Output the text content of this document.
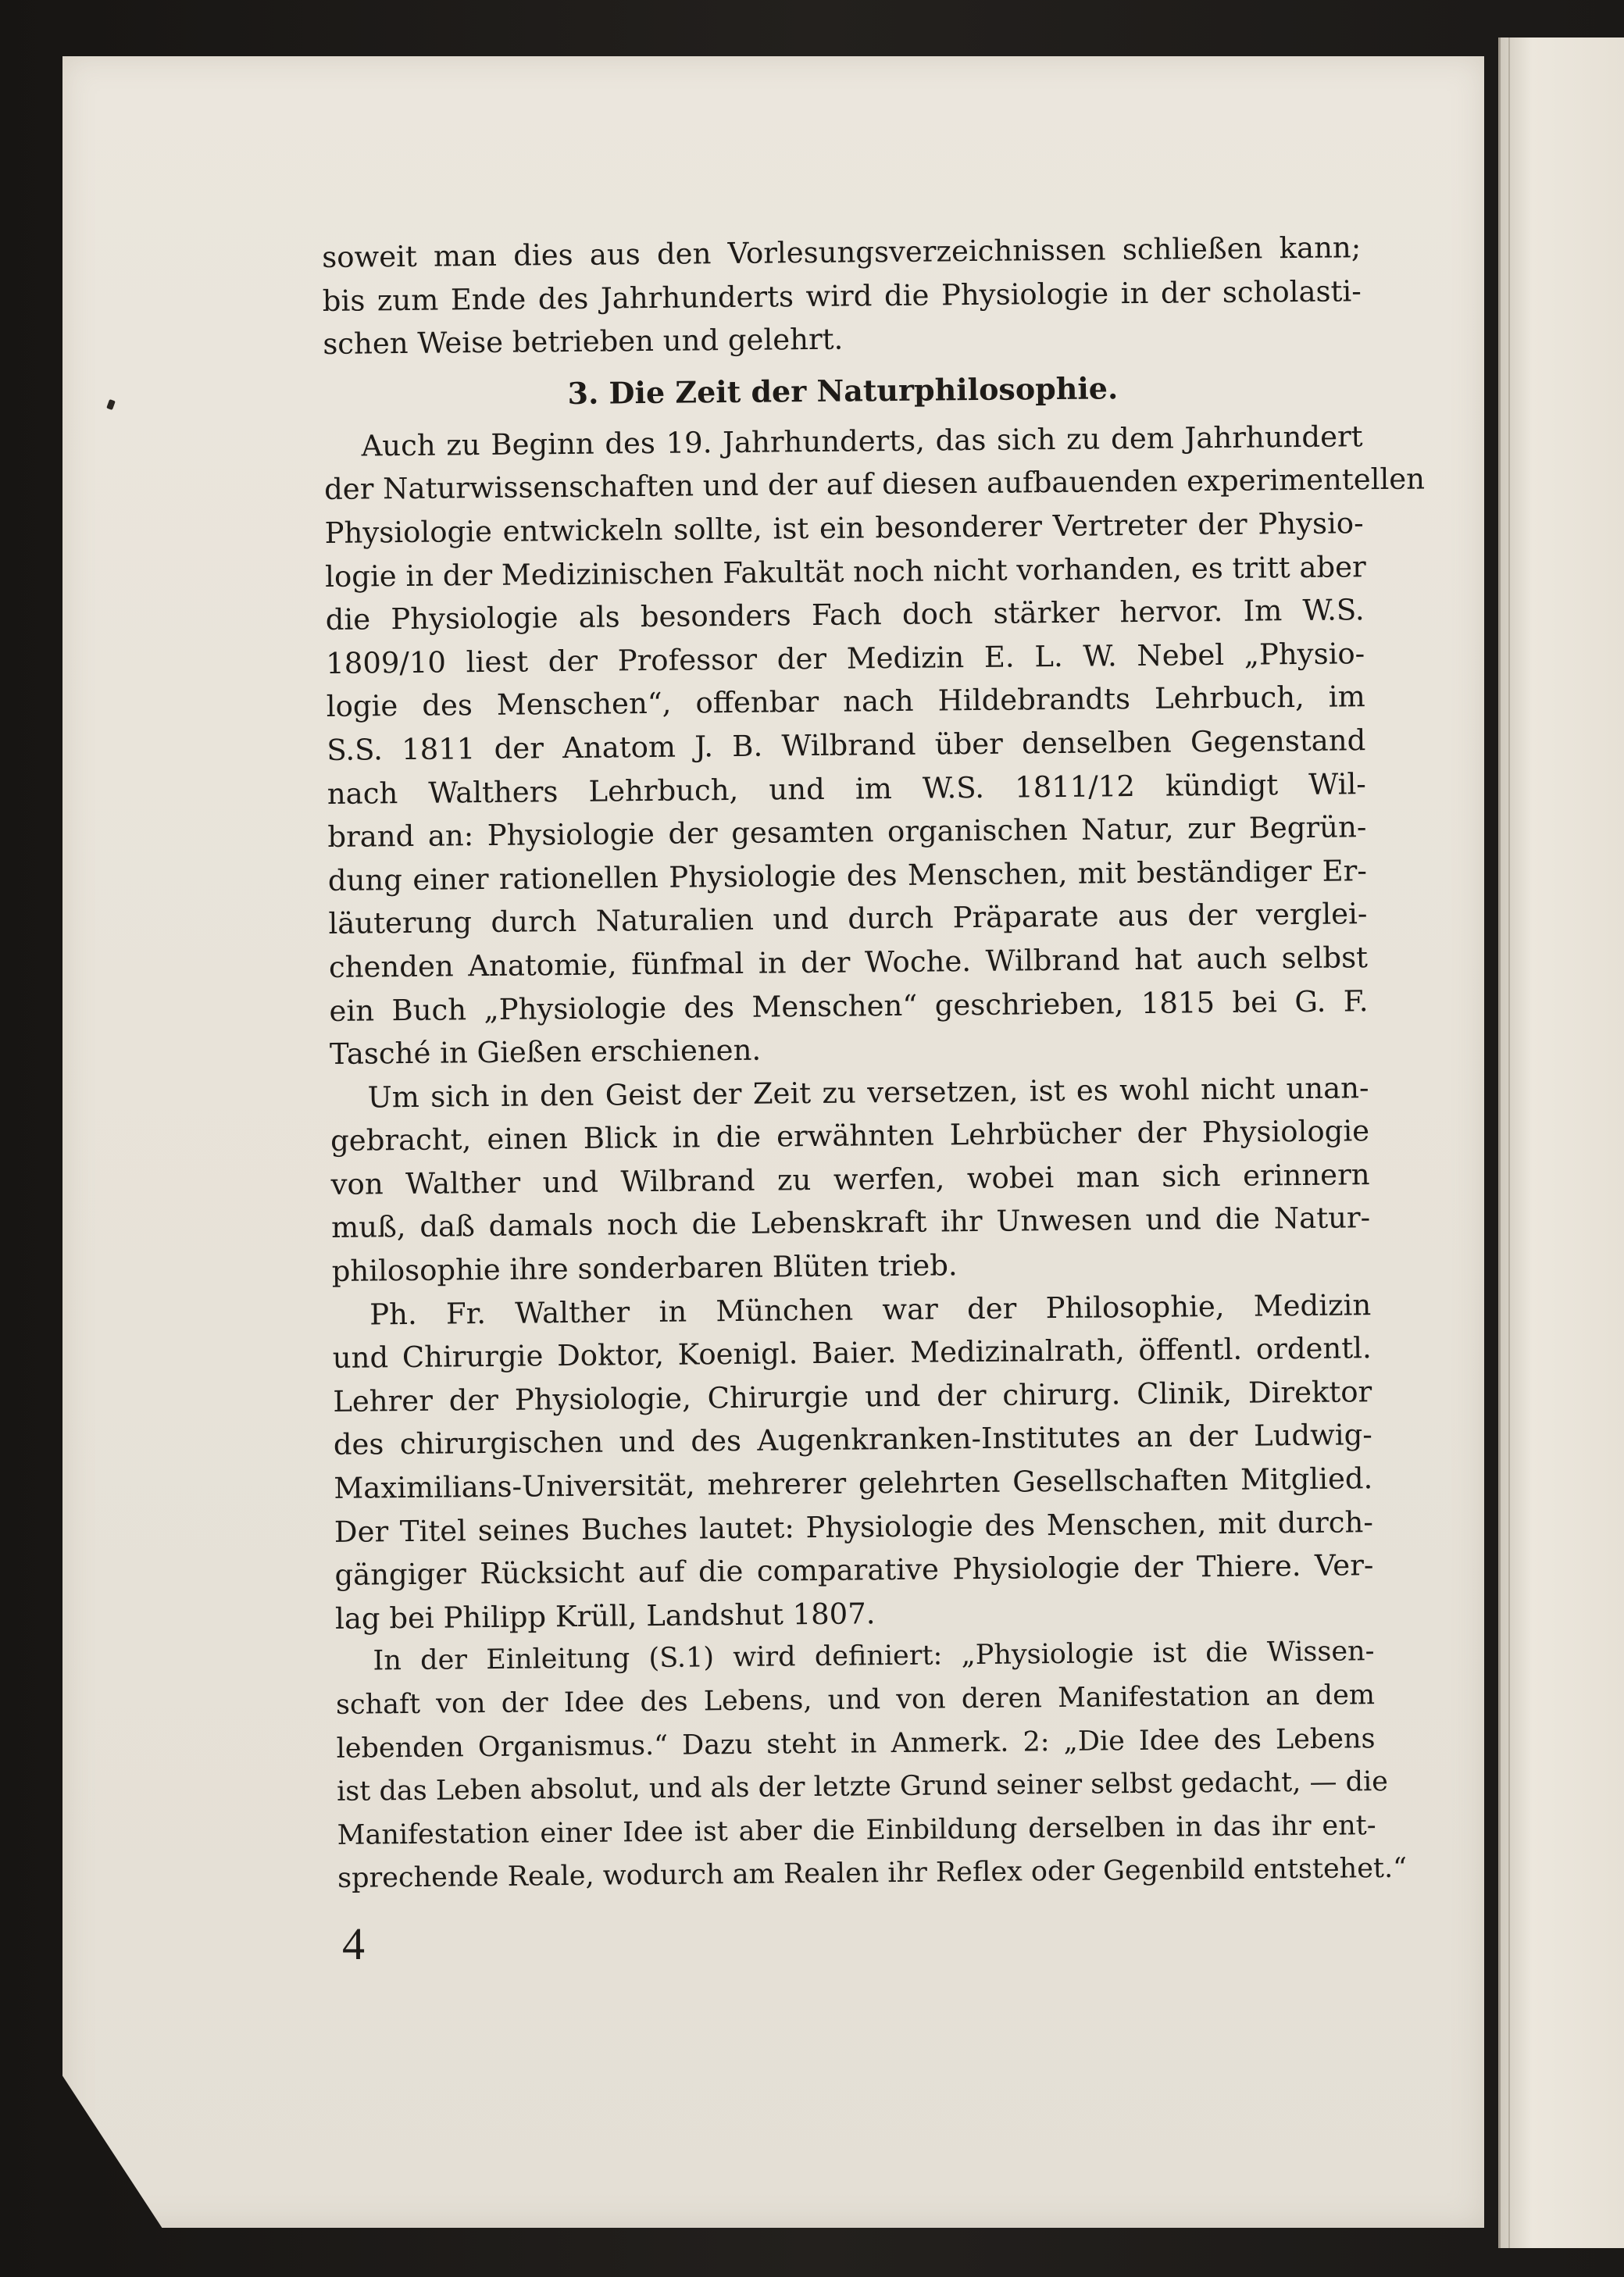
soweit man dies aus den Vorlesungsverzeichnissen schließen kann;
bis zum Ende des Jahrhunderts wird die Physiologie in der scholasti-
schen Weise betrieben und gelehrt.
3. Die Zeit der Naturphilosophie.
Auch zu Beginn des 19. Jahrhunderts, das sich zu dem Jahrhundert
der Naturwissenschaften und der auf diesen aufbauenden experimentellen
Physiologie entwickeln sollte, ist ein besonderer Vertreter der Physio-
logie in der Medizinischen Fakultät noch nicht vorhanden, es tritt aber
die Physiologie als besonders Fach doch stärker hervor. Im W.S.
1809/10 liest der Professor der Medizin E. L. W. Nebel „Physio-
logie des Menschen“, offenbar nach Hildebrandts Lehrbuch, im
S.S. 1811 der Anatom J. B. Wilbrand über denselben Gegenstand
nach Walthers Lehrbuch, und im W.S. 1811/12 kündigt Wil-
brand an: Physiologie der gesamten organischen Natur, zur Begrün-
dung einer rationellen Physiologie des Menschen, mit beständiger Er-
läuterung durch Naturalien und durch Präparate aus der verglei-
chenden Anatomie, fünfmal in der Woche. Wilbrand hat auch selbst
ein Buch „Physiologie des Menschen“ geschrieben, 1815 bei G. F.
Tasché in Gießen erschienen.
Um sich in den Geist der Zeit zu versetzen, ist es wohl nicht unan-
gebracht, einen Blick in die erwähnten Lehrbücher der Physiologie
von Walther und Wilbrand zu werfen, wobei man sich erinnern
muß, daß damals noch die Lebenskraft ihr Unwesen und die Natur-
philosophie ihre sonderbaren Blüten trieb.
Ph. Fr. Walther in München war der Philosophie, Medizin
und Chirurgie Doktor, Koenigl. Baier. Medizinalrath, öffentl. ordentl.
Lehrer der Physiologie, Chirurgie und der chirurg. Clinik, Direktor
des chirurgischen und des Augenkranken-Institutes an der Ludwig-
Maximilians-Universität, mehrerer gelehrten Gesellschaften Mitglied.
Der Titel seines Buches lautet: Physiologie des Menschen, mit durch-
gängiger Rücksicht auf die comparative Physiologie der Thiere. Ver-
lag bei Philipp Krüll, Landshut 1807.
In der Einleitung (S.1) wird definiert: „Physiologie ist die Wissen-
schaft von der Idee des Lebens, und von deren Manifestation an dem
lebenden Organismus.“ Dazu steht in Anmerk. 2: „Die Idee des Lebens
ist das Leben absolut, und als der letzte Grund seiner selbst gedacht, — die
Manifestation einer Idee ist aber die Einbildung derselben in das ihr ent-
sprechende Reale, wodurch am Realen ihr Reflex oder Gegenbild entstehet.“
4
